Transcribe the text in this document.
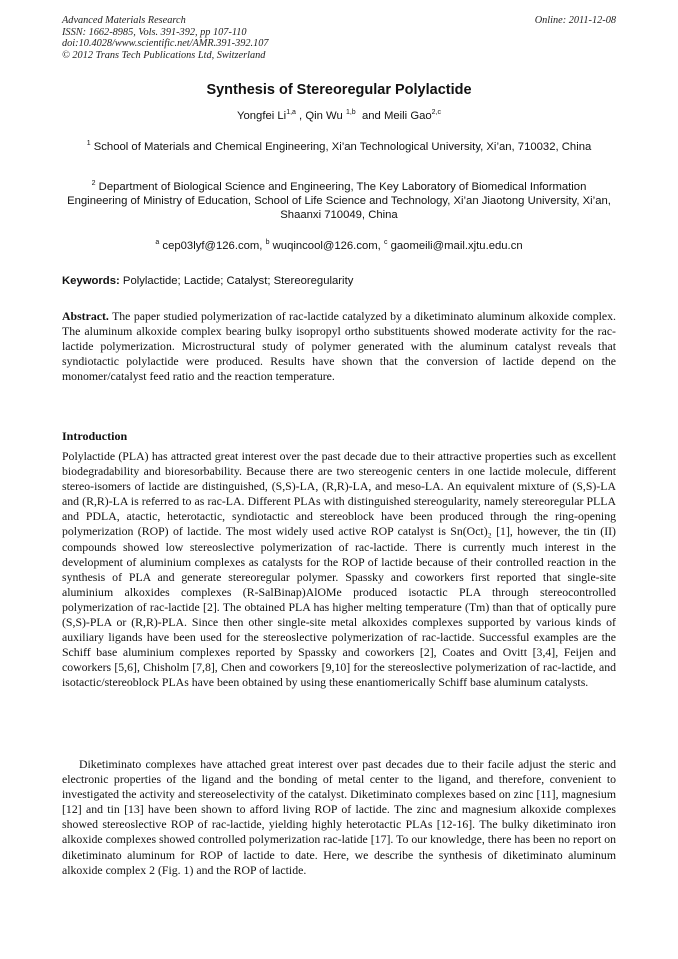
Advanced Materials Research
ISSN: 1662-8985, Vols. 391-392, pp 107-110
doi:10.4028/www.scientific.net/AMR.391-392.107
© 2012 Trans Tech Publications Ltd, Switzerland
Online: 2011-12-08
Synthesis of Stereoregular Polylactide
Yongfei Li$^{1,a}$ , Qin Wu $^{1,b}$  and Meili Gao$^{2,c}$
$^1$ School of Materials and Chemical Engineering, Xi’an Technological University, Xi’an, 710032, China
$^2$ Department of Biological Science and Engineering, The Key Laboratory of Biomedical Information Engineering of Ministry of Education, School of Life Science and Technology, Xi’an Jiaotong University, Xi’an, Shaanxi 710049, China
$^a$ cep03lyf@126.com, $^b$ wuqincool@126.com, $^c$ gaomeili@mail.xjtu.edu.cn
Keywords: Polylactide; Lactide; Catalyst; Stereoregularity
Abstract. The paper studied polymerization of rac-lactide catalyzed by a diketiminato aluminum alkoxide complex. The aluminum alkoxide complex bearing bulky isopropyl ortho substituents showed moderate activity for the rac-lactide polymerization. Microstructural study of polymer generated with the aluminum catalyst reveals that syndiotactic polylactide were produced. Results have shown that the conversion of lactide depend on the monomer/catalyst feed ratio and the reaction temperature.
Introduction
Polylactide (PLA) has attracted great interest over the past decade due to their attractive properties such as excellent biodegradability and bioresorbability. Because there are two stereogenic centers in one lactide molecule, different stereo-isomers of lactide are distinguished, (S,S)-LA, (R,R)-LA, and meso-LA. An equivalent mixture of (S,S)-LA and (R,R)-LA is referred to as rac-LA. Different PLAs with distinguished stereogularity, namely stereoregular PLLA and PDLA, atactic, heterotactic, syndiotactic and stereoblock have been produced through the ring-opening polymerization (ROP) of lactide. The most widely used active ROP catalyst is Sn(Oct)₂ [1], however, the tin (II) compounds showed low stereoslective polymerization of rac-lactide. There is currently much interest in the development of aluminium complexes as catalysts for the ROP of lactide because of their controlled reaction in the synthesis of PLA and generate stereoregular polymer. Spassky and coworkers first reported that single-site aluminium alkoxides complexes (R-SalBinap)AlOMe produced isotactic PLA through stereocontrolled polymerization of rac-lactide [2]. The obtained PLA has higher melting temperature (Tm) than that of optically pure (S,S)-PLA or (R,R)-PLA. Since then other single-site metal alkoxides complexes supported by various kinds of auxiliary ligands have been used for the stereoslective polymerization of rac-lactide. Successful examples are the Schiff base aluminium complexes reported by Spassky and coworkers [2], Coates and Ovitt [3,4], Feijen and coworkers [5,6], Chisholm [7,8], Chen and coworkers [9,10] for the stereoslective polymerization of rac-lactide, and isotactic/stereoblock PLAs have been obtained by using these enantiomerically Schiff base aluminum catalysts.
Diketiminato complexes have attached great interest over past decades due to their facile adjust the steric and electronic properties of the ligand and the bonding of metal center to the ligand, and therefore, convenient to investigated the activity and stereoselectivity of the catalyst. Diketiminato complexes based on zinc [11], magnesium [12] and tin [13] have been shown to afford living ROP of lactide. The zinc and magnesium alkoxide complexes showed stereoslective ROP of rac-lactide, yielding highly heterotactic PLAs [12-16]. The bulky diketiminato iron alkoxide complexes showed controlled polymerization rac-latide [17]. To our knowledge, there has been no report on diketiminato aluminum for ROP of lactide to date. Here, we describe the synthesis of diketiminato aluminum alkoxide complex 2 (Fig. 1) and the ROP of lactide.
